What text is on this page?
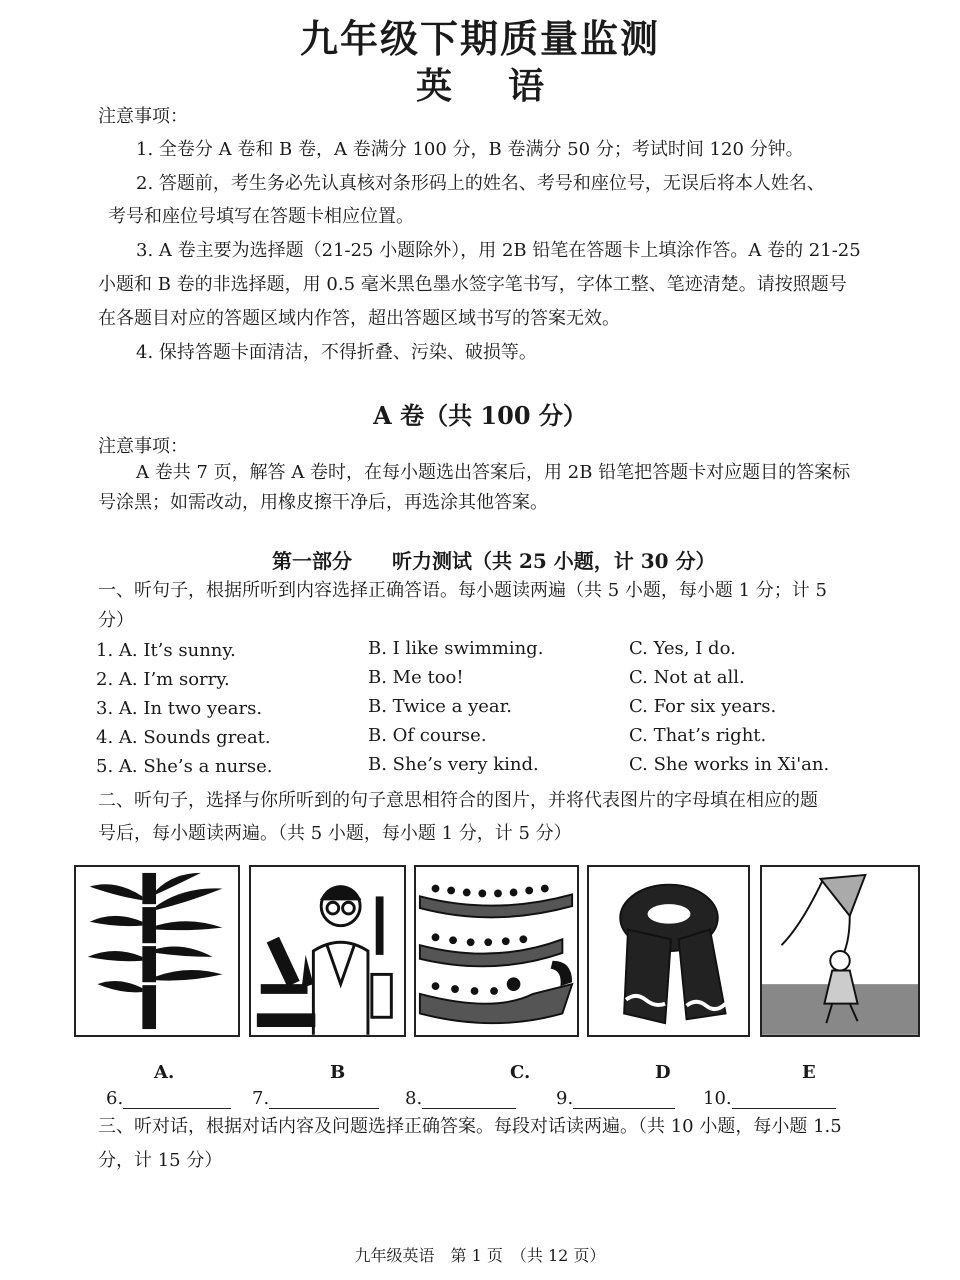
九年级下期质量监测
英 语
注意事项：
1. 全卷分 A 卷和 B 卷，A 卷满分 100 分，B 卷满分 50 分；考试时间 120 分钟。
2. 答题前，考生务必先认真核对条形码上的姓名、考号和座位号，无误后将本人姓名、
考号和座位号填写在答题卡相应位置。
3. A 卷主要为选择题（21-25 小题除外），用 2B 铅笔在答题卡上填涂作答。A 卷的 21-25
小题和 B 卷的非选择题，用 0.5 毫米黑色墨水签字笔书写，字体工整、笔迹清楚。请按照题号
在各题目对应的答题区域内作答，超出答题区域书写的答案无效。
4. 保持答题卡面清洁，不得折叠、污染、破损等。
A 卷（共 100 分）
注意事项：
A 卷共 7 页，解答 A 卷时，在每小题选出答案后，用 2B 铅笔把答题卡对应题目的答案标
号涂黑；如需改动，用橡皮擦干净后，再选涂其他答案。
第一部分 听力测试（共 25 小题，计 30 分）
一、听句子，根据所听到内容选择正确答语。每小题读两遍（共 5 小题，每小题 1 分；计 5
分）
1. A. It’s sunny.	B. I like swimming.	C. Yes, I do.
2. A. I’m sorry.	B. Me too!	C. Not at all.
3. A. In two years.	B. Twice a year.	C. For six years.
4. A. Sounds great.	B. Of course.	C. That’s right.
5. A. She’s a nurse.	B. She’s very kind.	C. She works in Xi'an.
二、听句子，选择与你所听到的句子意思相符合的图片，并将代表图片的字母填在相应的题
号后，每小题读两遍。（共 5 小题，每小题 1 分，计 5 分）
A.	B	C.	D	E
6.	7.	8.	9.	10.
三、听对话，根据对话内容及问题选择正确答案。每段对话读两遍。（共 10 小题，每小题 1.5
分，计 15 分）
九年级英语　第 1 页　（共 12 页）
